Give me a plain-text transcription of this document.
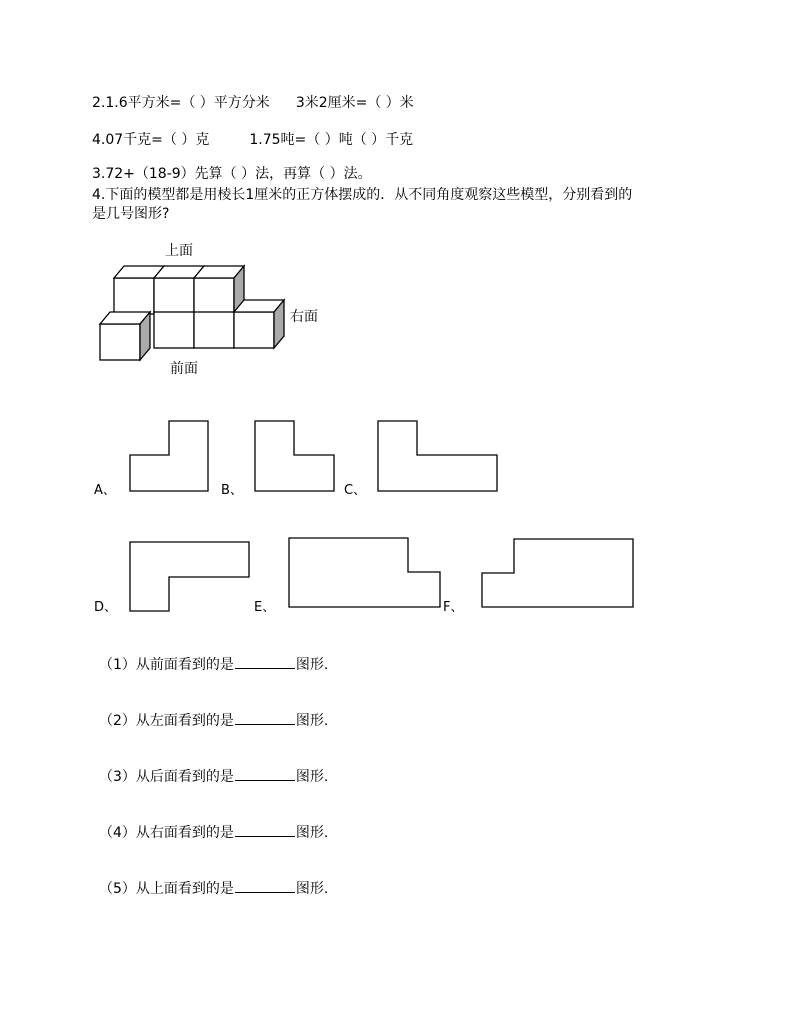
2.1.6平方米=（ ）平方分米 3米2厘米=（ ）米
4.07千克=（ ）克	1.75吨=（ ）吨（ ）千克
3.72+（18-9）先算（ ）法，再算（ ）法。
4.下面的模型都是用棱长1厘米的正方体摆成的．从不同角度观察这些模型，分别看到的
是几号图形?
上面
右面
前面
A、	B、	C、
D、	E、	F、
（1）从前面看到的是	图形.
（2）从左面看到的是	图形.
（3）从后面看到的是	图形.
（4）从右面看到的是	图形.
（5）从上面看到的是	图形.
